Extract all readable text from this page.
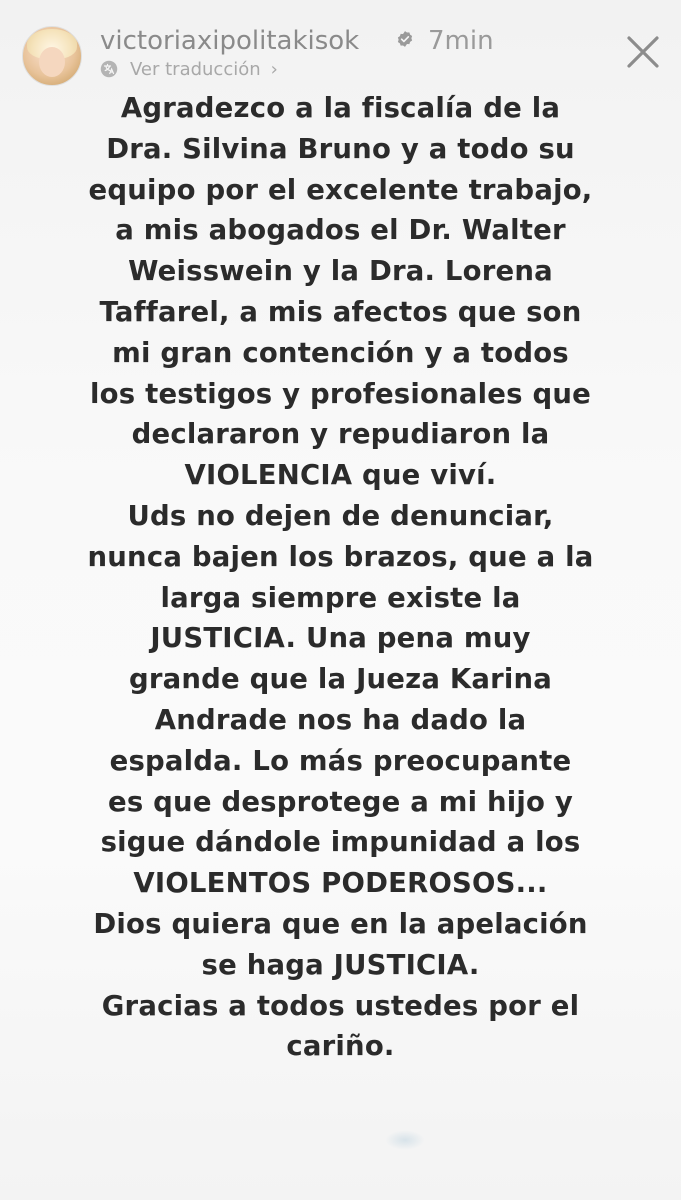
victoriaxipolitakisok	7min
Ver traducción ›
Agradezco a la fiscalía de la
Dra. Silvina Bruno y a todo su
equipo por el excelente trabajo,
a mis abogados el Dr. Walter
Weisswein y la Dra. Lorena
Taffarel, a mis afectos que son
mi gran contención y a todos
los testigos y profesionales que
declararon y repudiaron la
VIOLENCIA que viví.
Uds no dejen de denunciar,
nunca bajen los brazos, que a la
larga siempre existe la
JUSTICIA. Una pena muy
grande que la Jueza Karina
Andrade nos ha dado la
espalda. Lo más preocupante
es que desprotege a mi hijo y
sigue dándole impunidad a los
VIOLENTOS PODEROSOS...
Dios quiera que en la apelación
se haga JUSTICIA.
Gracias a todos ustedes por el
cariño.
